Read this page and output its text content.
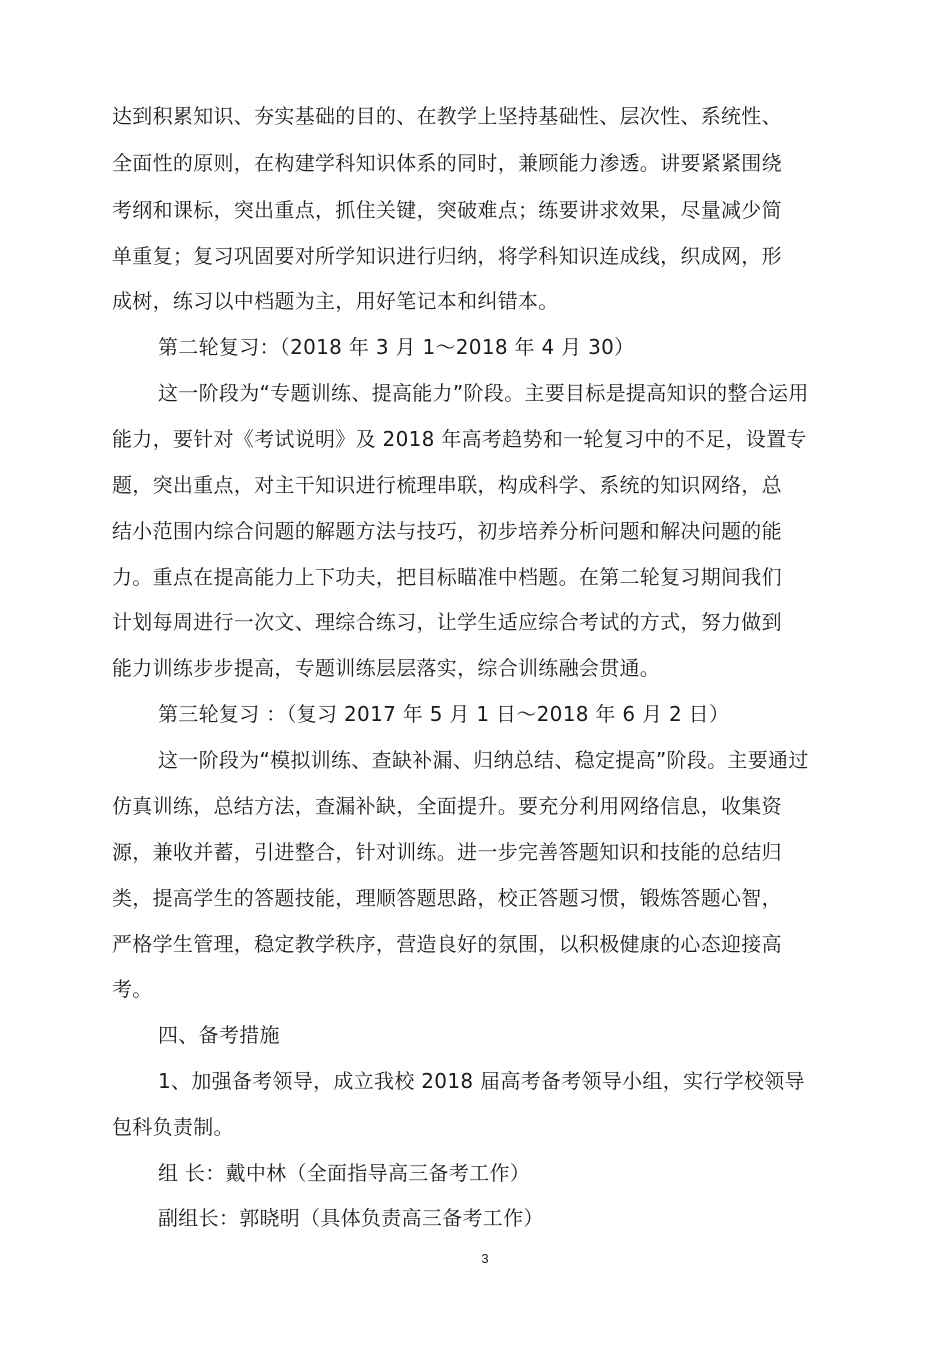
达到积累知识、夯实基础的目的、在教学上坚持基础性、层次性、系统性、
全面性的原则，在构建学科知识体系的同时，兼顾能力渗透。讲要紧紧围绕
考纲和课标，突出重点，抓住关键，突破难点；练要讲求效果，尽量减少简
单重复；复习巩固要对所学知识进行归纳，将学科知识连成线，织成网，形
成树，练习以中档题为主，用好笔记本和纠错本。
第二轮复习：（2018 年 3 月 1～2018 年 4 月 30）
这一阶段为“专题训练、提高能力”阶段。主要目标是提高知识的整合运用
能力，要针对《考试说明》及 2018 年高考趋势和一轮复习中的不足，设置专
题，突出重点，对主干知识进行梳理串联，构成科学、系统的知识网络，总
结小范围内综合问题的解题方法与技巧，初步培养分析问题和解决问题的能
力。重点在提高能力上下功夫，把目标瞄准中档题。在第二轮复习期间我们
计划每周进行一次文、理综合练习，让学生适应综合考试的方式，努力做到
能力训练步步提高，专题训练层层落实，综合训练融会贯通。
第三轮复习 ：（复习 2017 年 5 月 1 日～2018 年 6 月 2 日）
这一阶段为“模拟训练、查缺补漏、归纳总结、稳定提高”阶段。主要通过
仿真训练，总结方法，查漏补缺，全面提升。要充分利用网络信息，收集资
源，兼收并蓄，引进整合，针对训练。进一步完善答题知识和技能的总结归
类，提高学生的答题技能，理顺答题思路，校正答题习惯，锻炼答题心智，
严格学生管理，稳定教学秩序，营造良好的氛围，以积极健康的心态迎接高
考。
四、备考措施
1、加强备考领导，成立我校 2018 届高考备考领导小组，实行学校领导
包科负责制。
组 长：戴中林（全面指导高三备考工作）
副组长：郭晓明（具体负责高三备考工作）
3
